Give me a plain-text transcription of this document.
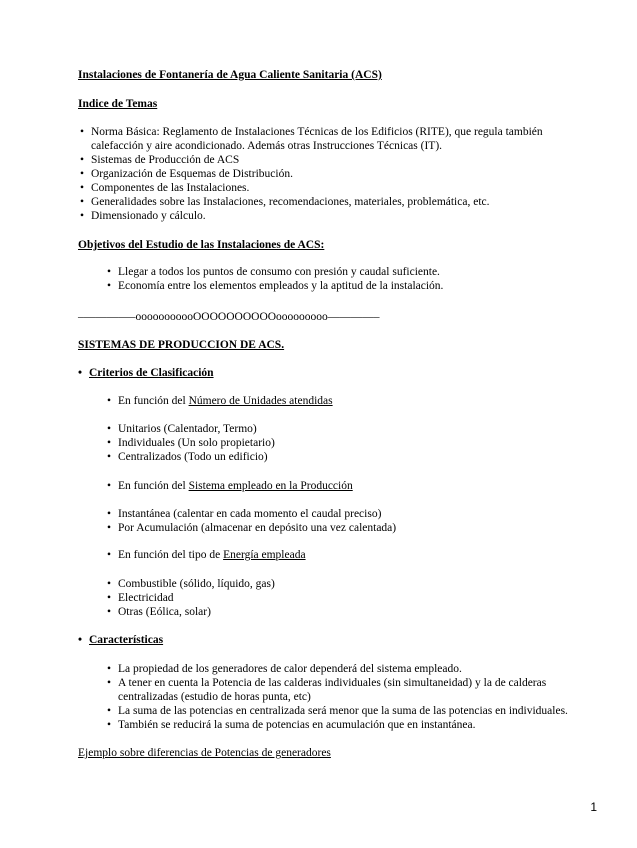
Instalaciones de Fontanería de Agua Caliente Sanitaria (ACS)
Indice de Temas
• Norma Básica: Reglamento de Instalaciones Técnicas de los Edificios (RITE), que regula también calefacción y aire acondicionado. Además otras Instrucciones Técnicas (IT).
• Sistemas de Producción de ACS
• Organización de Esquemas de Distribución.
• Componentes de las Instalaciones.
• Generalidades sobre las Instalaciones, recomendaciones, materiales, problemática, etc.
• Dimensionado y cálculo.
Objetivos del Estudio de las Instalaciones de ACS:
• Llegar a todos los puntos de consumo con presión y caudal suficiente.
• Economía entre los elementos empleados y la aptitud de la instalación.
––––––––—ooooooooooOOOOOOOOOOooooooooo–––––––––
SISTEMAS DE PRODUCCION DE ACS.
• Criterios de Clasificación
• En función del Número de Unidades atendidas
• Unitarios (Calentador, Termo)
• Individuales (Un solo propietario)
• Centralizados (Todo un edificio)
• En función del Sistema empleado en la Producción
• Instantánea (calentar en cada momento el caudal preciso)
• Por Acumulación (almacenar en depósito una vez calentada)
• En función del tipo de Energía empleada
• Combustible (sólido, líquido, gas)
• Electricidad
• Otras (Eólica, solar)
• Características
• La propiedad de los generadores de calor dependerá del sistema empleado.
• A tener en cuenta la Potencia de las calderas individuales (sin simultaneidad) y la de calderas centralizadas (estudio de horas punta, etc)
• La suma de las potencias en centralizada será menor que la suma de las potencias en individuales.
• También se reducirá la suma de potencias en acumulación que en instantánea.
Ejemplo sobre diferencias de Potencias de generadores
1
